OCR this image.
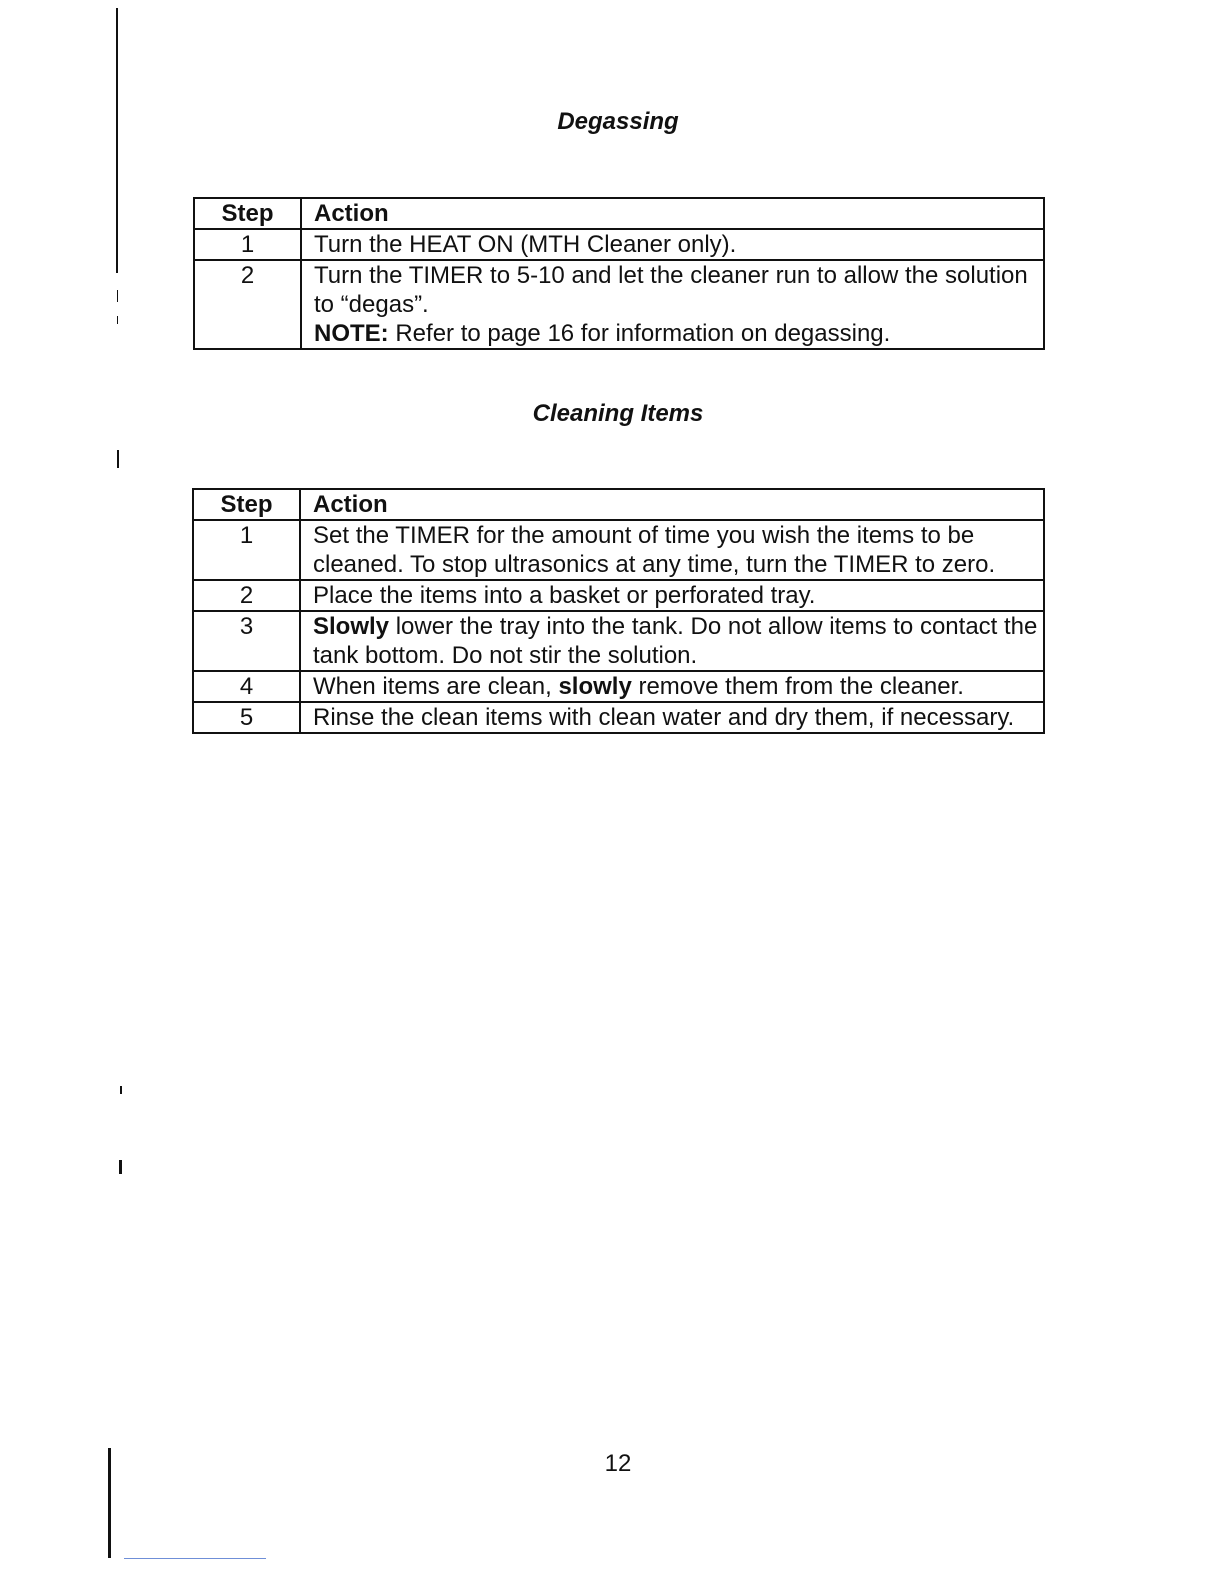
Degassing
Step	Action
1	Turn the HEAT ON (MTH Cleaner only).
2	Turn the TIMER to 5-10 and let the cleaner run to allow the solution to “degas”.
NOTE: Refer to page 16 for information on degassing.
Cleaning Items
Step	Action
1	Set the TIMER for the amount of time you wish the items to be cleaned. To stop ultrasonics at any time, turn the TIMER to zero.
2	Place the items into a basket or perforated tray.
3	Slowly lower the tray into the tank. Do not allow items to contact the tank bottom. Do not stir the solution.
4	When items are clean, slowly remove them from the cleaner.
5	Rinse the clean items with clean water and dry them, if necessary.
12
